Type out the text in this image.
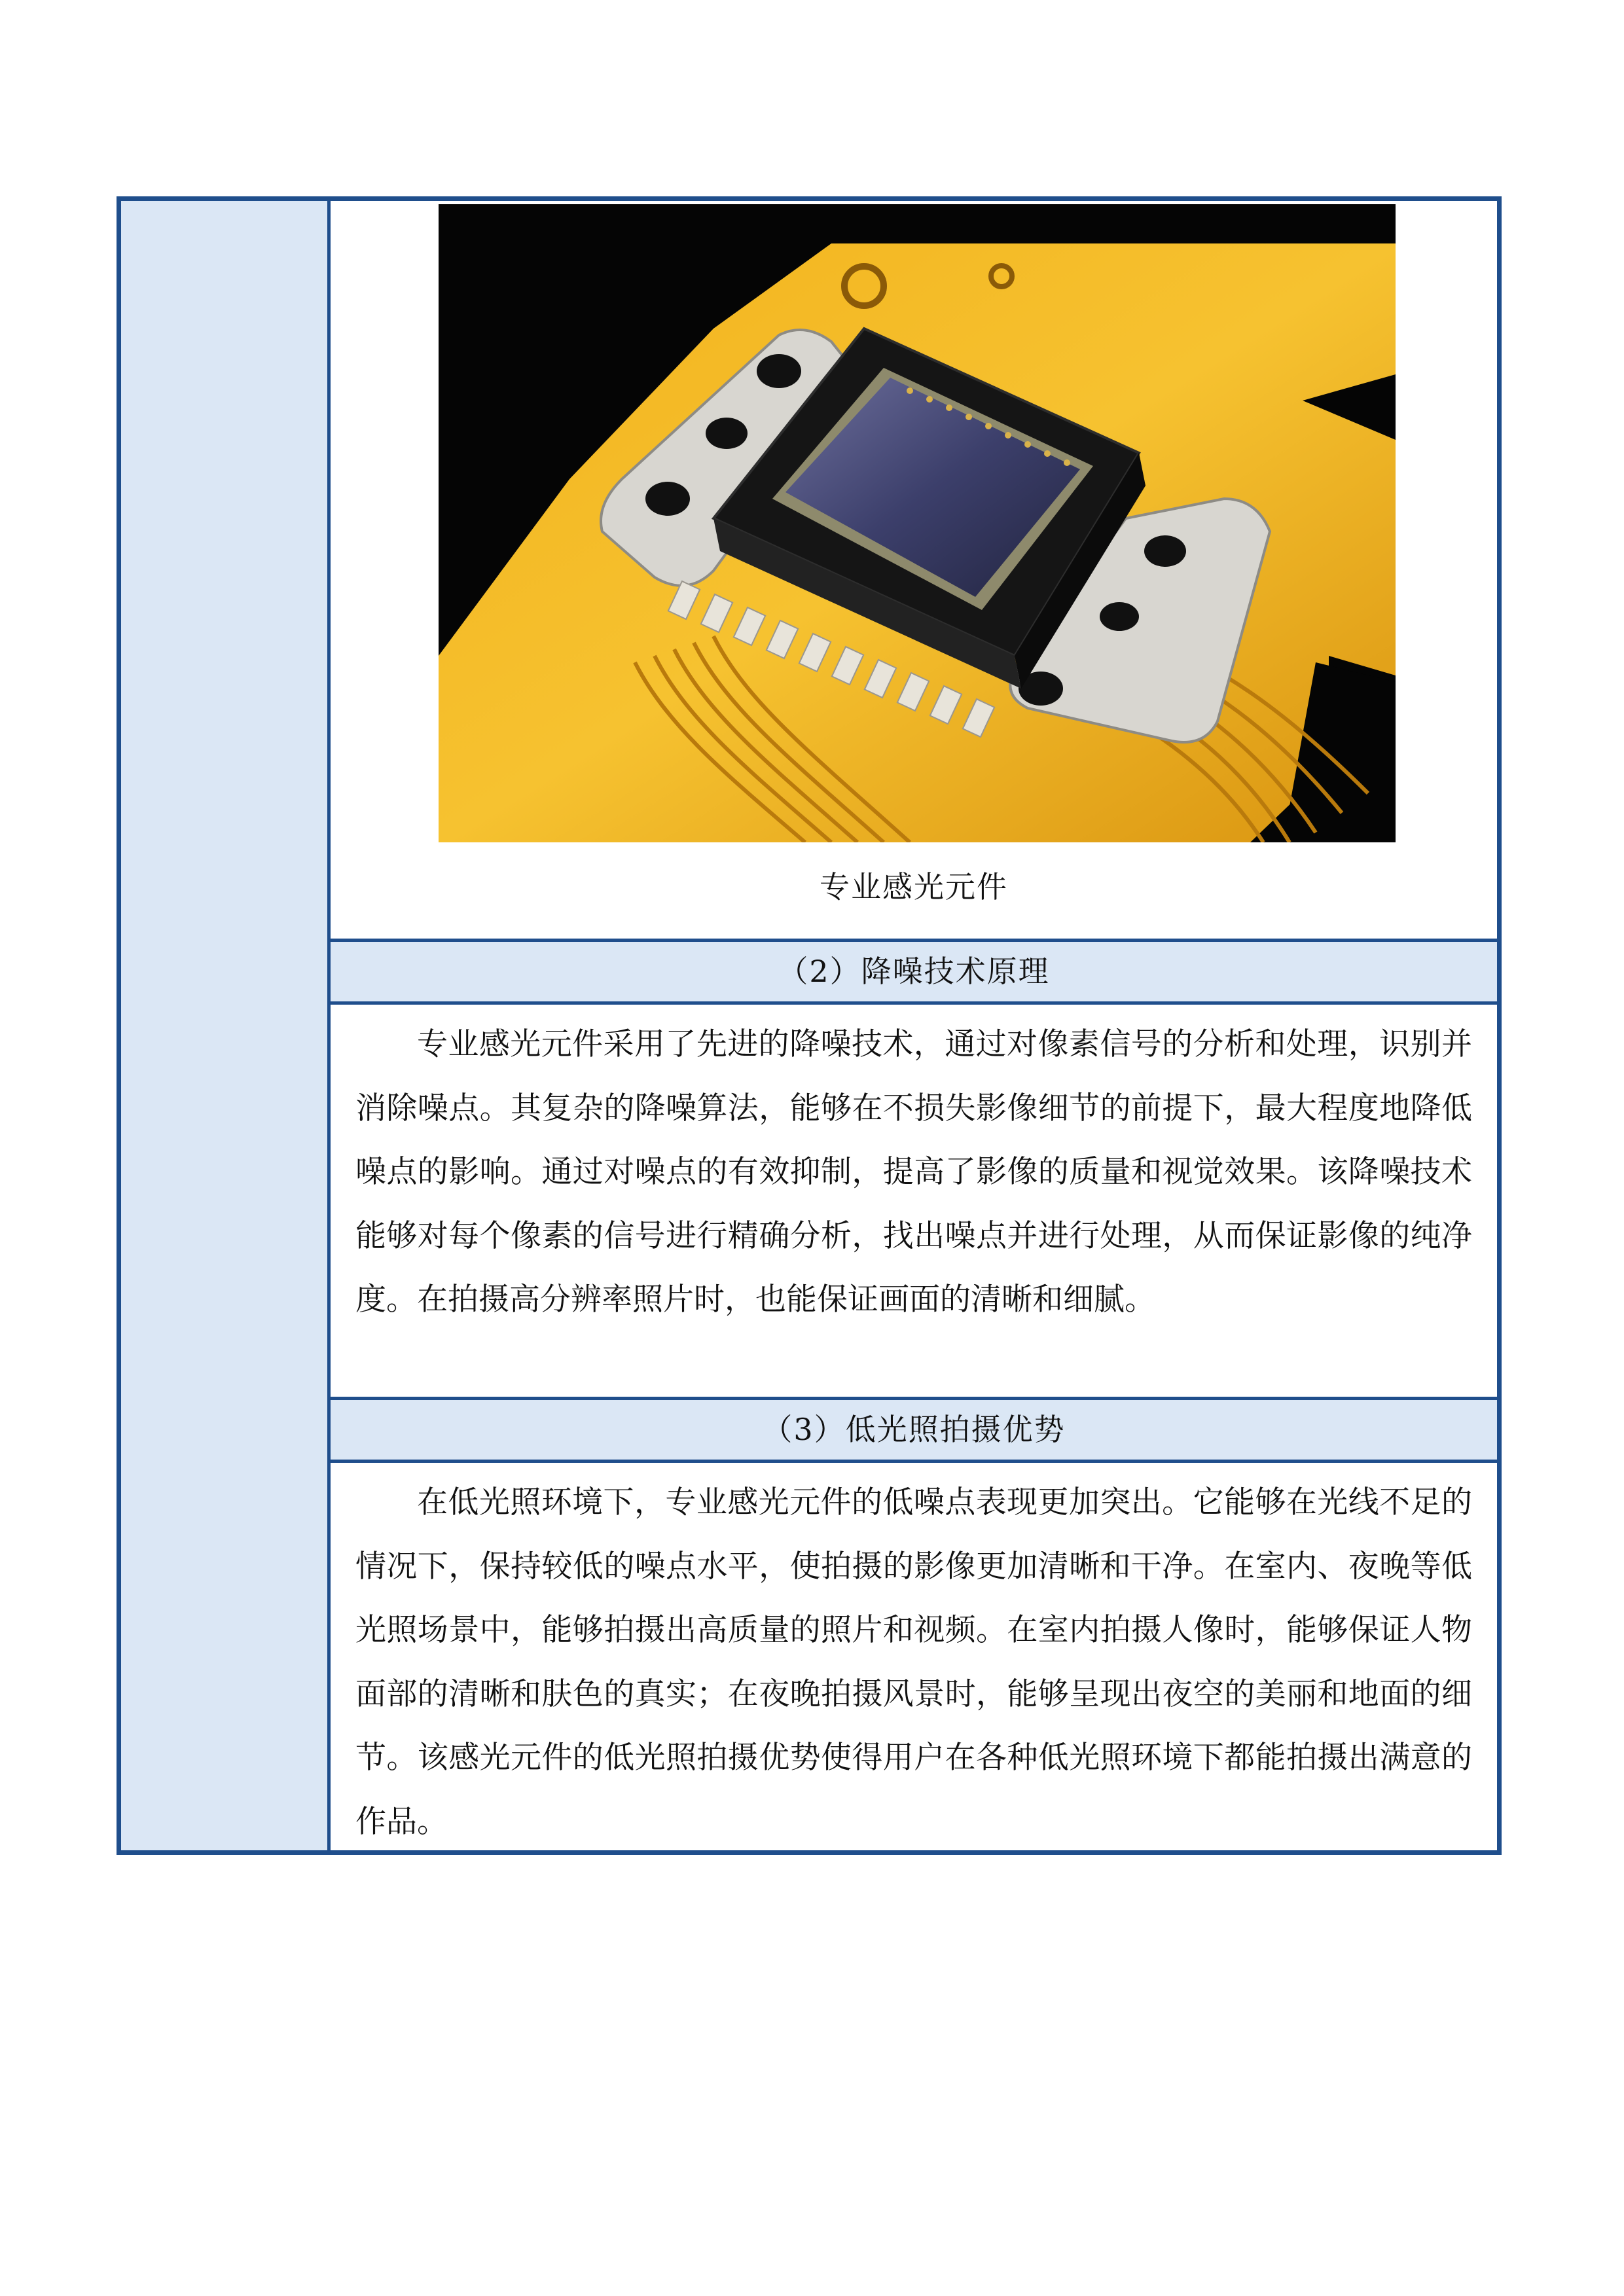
专业感光元件
（2）降噪技术原理

专业感光元件采用了先进的降噪技术，通过对像素信号的分析和处理，识别并消除噪点。其复杂的降噪算法，能够在不损失影像细节的前提下，最大程度地降低噪点的影响。通过对噪点的有效抑制，提高了影像的质量和视觉效果。该降噪技术能够对每个像素的信号进行精确分析，找出噪点并进行处理，从而保证影像的纯净度。在拍摄高分辨率照片时，也能保证画面的清晰和细腻。

（3）低光照拍摄优势

在低光照环境下，专业感光元件的低噪点表现更加突出。它能够在光线不足的情况下，保持较低的噪点水平，使拍摄的影像更加清晰和干净。在室内、夜晚等低光照场景中，能够拍摄出高质量的照片和视频。在室内拍摄人像时，能够保证人物面部的清晰和肤色的真实；在夜晚拍摄风景时，能够呈现出夜空的美丽和地面的细节。该感光元件的低光照拍摄优势使得用户在各种低光照环境下都能拍摄出满意的作品。
